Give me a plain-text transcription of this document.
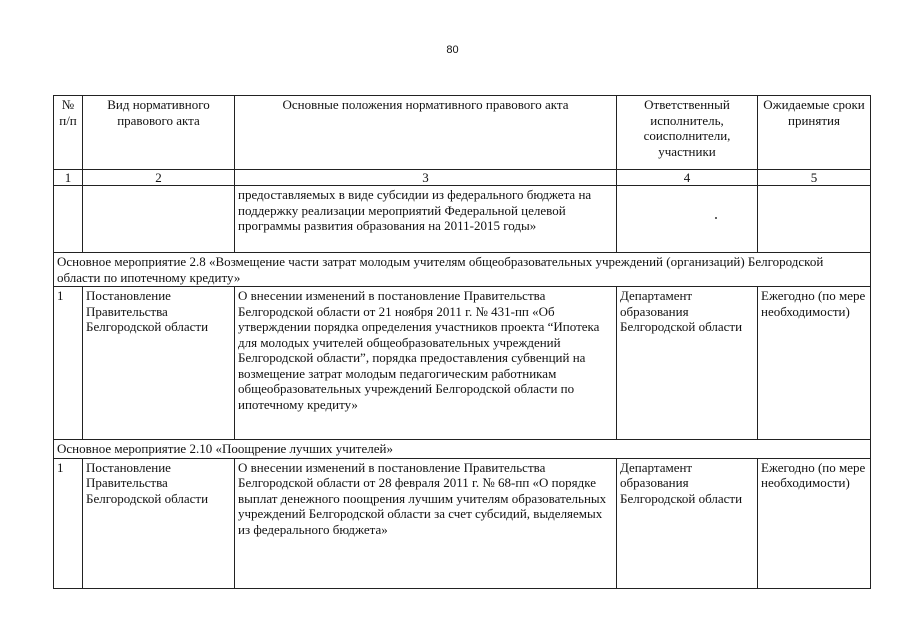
80
№ п/п	Вид нормативного правового акта	Основные положения нормативного правового акта	Ответственный исполнитель, соисполнители, участники	Ожидаемые сроки принятия
1	2	3	4	5
		предоставляемых в виде субсидии из федерального бюджета на поддержку реализации мероприятий Федеральной целевой программы развития образования на 2011-2015 годы»		
Основное мероприятие 2.8 «Возмещение части затрат молодым учителям общеобразовательных учреждений (организаций) Белгородской области по ипотечному кредиту»				
1	Постановление Правительства Белгородской области	О внесении изменений в постановление Правительства Белгородской области от 21 ноября 2011 г. № 431-пп «Об утверждении порядка определения участников проекта “Ипотека для молодых учителей общеобразовательных учреждений Белгородской области”, порядка предоставления субвенций на возмещение затрат молодым педагогическим работникам общеобразовательных учреждений Белгородской области по ипотечному кредиту»	Департамент образования Белгородской области	Ежегодно (по мере необходимости)
Основное мероприятие 2.10 «Поощрение лучших учителей»				
1	Постановление Правительства Белгородской области	О внесении изменений в постановление Правительства Белгородской области от 28 февраля 2011 г. № 68-пп «О порядке выплат денежного поощрения лучшим учителям образовательных учреждений Белгородской области за счет субсидий, выделяемых из федерального бюджета»	Департамент образования Белгородской области	Ежегодно (по мере необходимости)
